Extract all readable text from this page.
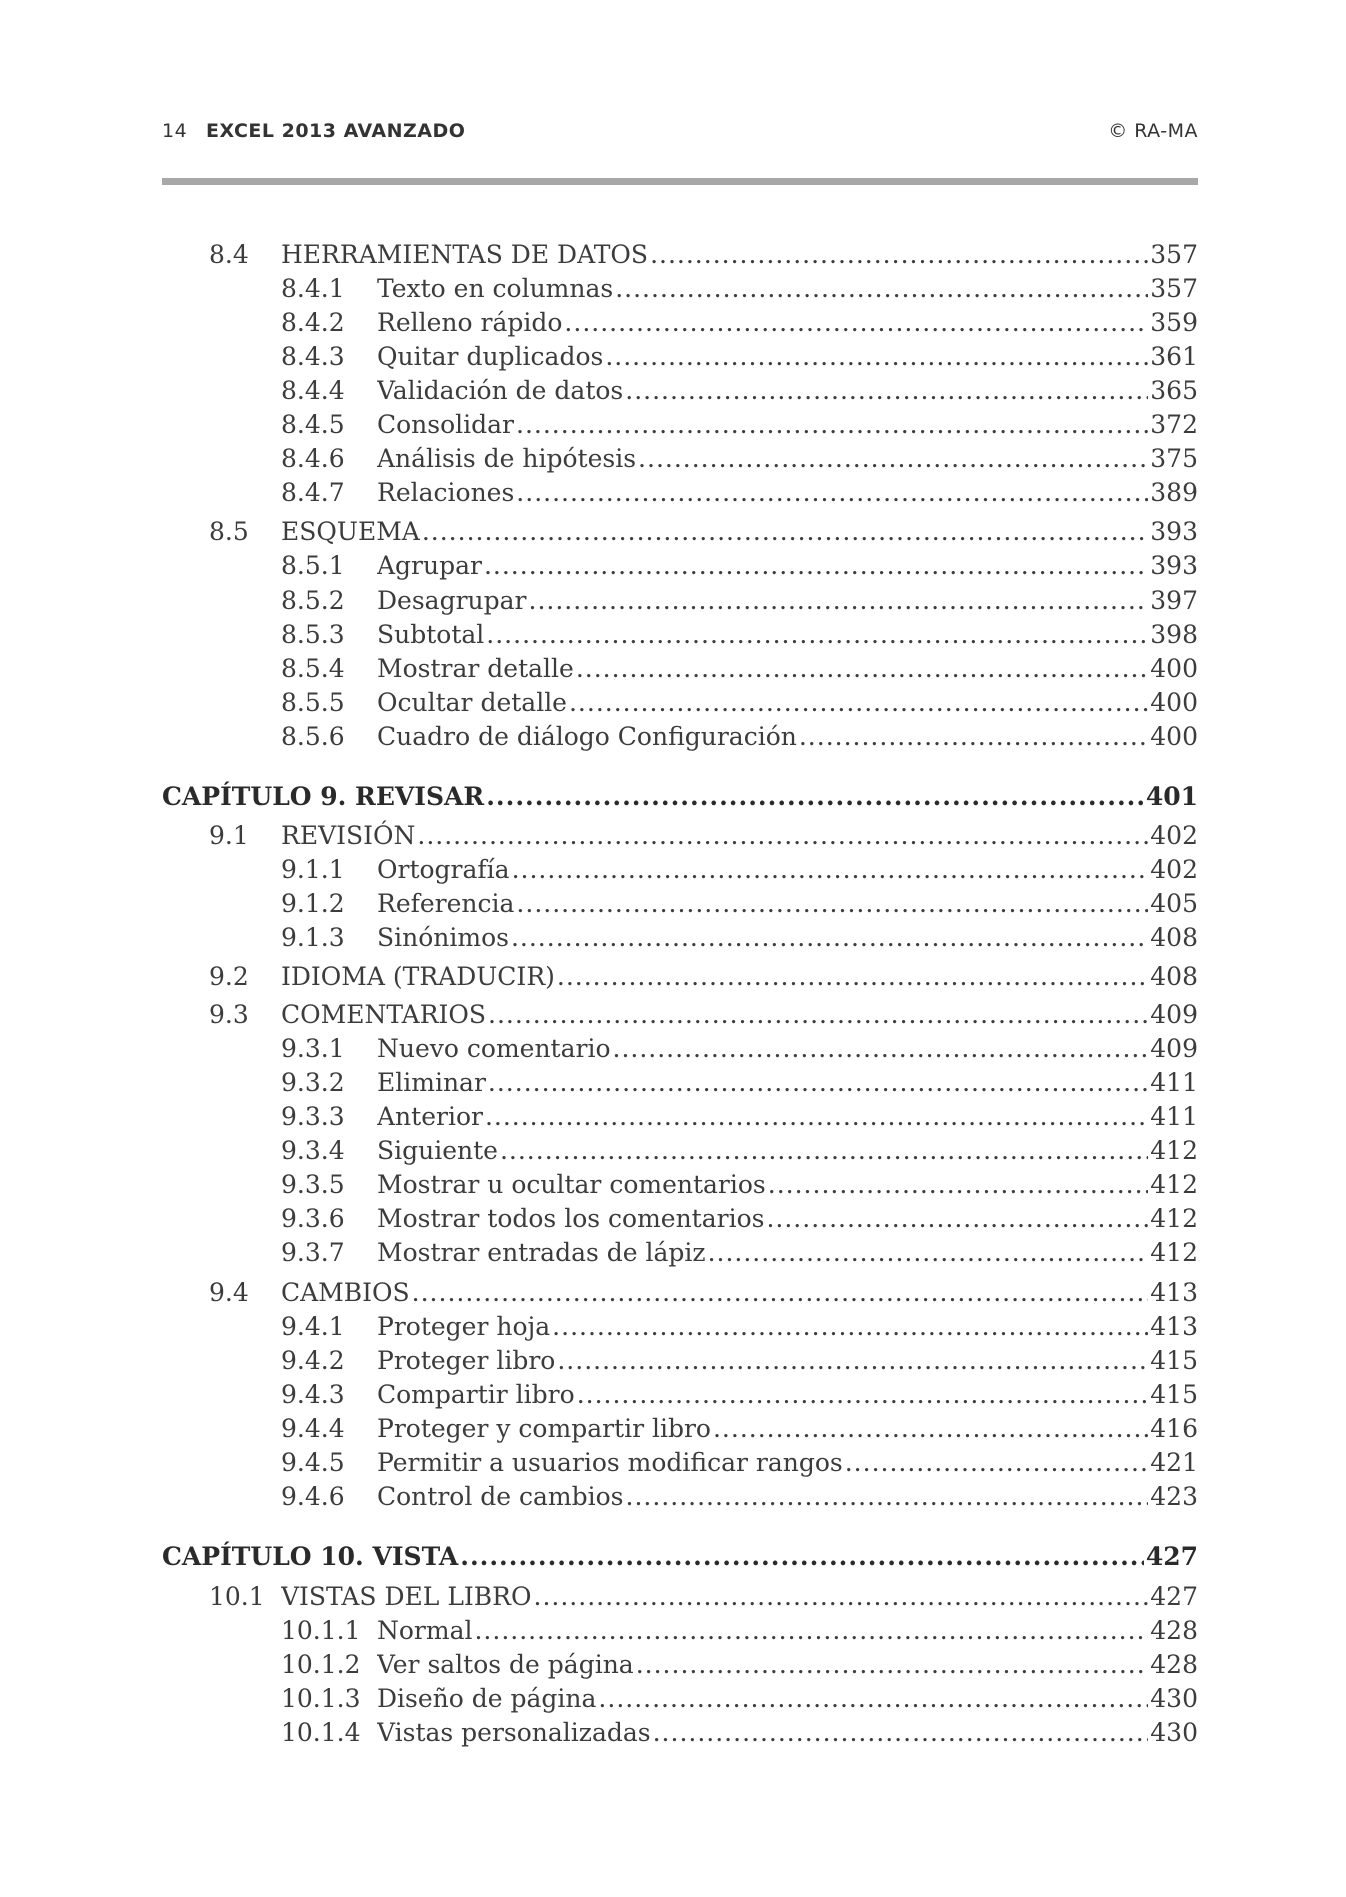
14 EXCEL 2013 AVANZADO	© RA-MA
8.4 HERRAMIENTAS DE DATOS .....	357
8.4.1 Texto en columnas .....	357
8.4.2 Relleno rápido .....	359
8.4.3 Quitar duplicados .....	361
8.4.4 Validación de datos .....	365
8.4.5 Consolidar .....	372
8.4.6 Análisis de hipótesis .....	375
8.4.7 Relaciones .....	389
8.5 ESQUEMA .....	393
8.5.1 Agrupar .....	393
8.5.2 Desagrupar .....	397
8.5.3 Subtotal .....	398
8.5.4 Mostrar detalle .....	400
8.5.5 Ocultar detalle .....	400
8.5.6 Cuadro de diálogo Configuración .....	400
CAPÍTULO 9. REVISAR .....	401
9.1 REVISIÓN .....	402
9.1.1 Ortografía .....	402
9.1.2 Referencia .....	405
9.1.3 Sinónimos .....	408
9.2 IDIOMA (TRADUCIR) .....	408
9.3 COMENTARIOS .....	409
9.3.1 Nuevo comentario .....	409
9.3.2 Eliminar .....	411
9.3.3 Anterior .....	411
9.3.4 Siguiente .....	412
9.3.5 Mostrar u ocultar comentarios .....	412
9.3.6 Mostrar todos los comentarios .....	412
9.3.7 Mostrar entradas de lápiz .....	412
9.4 CAMBIOS .....	413
9.4.1 Proteger hoja .....	413
9.4.2 Proteger libro .....	415
9.4.3 Compartir libro .....	415
9.4.4 Proteger y compartir libro .....	416
9.4.5 Permitir a usuarios modificar rangos .....	421
9.4.6 Control de cambios .....	423
CAPÍTULO 10. VISTA .....	427
10.1 VISTAS DEL LIBRO .....	427
10.1.1 Normal .....	428
10.1.2 Ver saltos de página .....	428
10.1.3 Diseño de página .....	430
10.1.4 Vistas personalizadas .....	430
